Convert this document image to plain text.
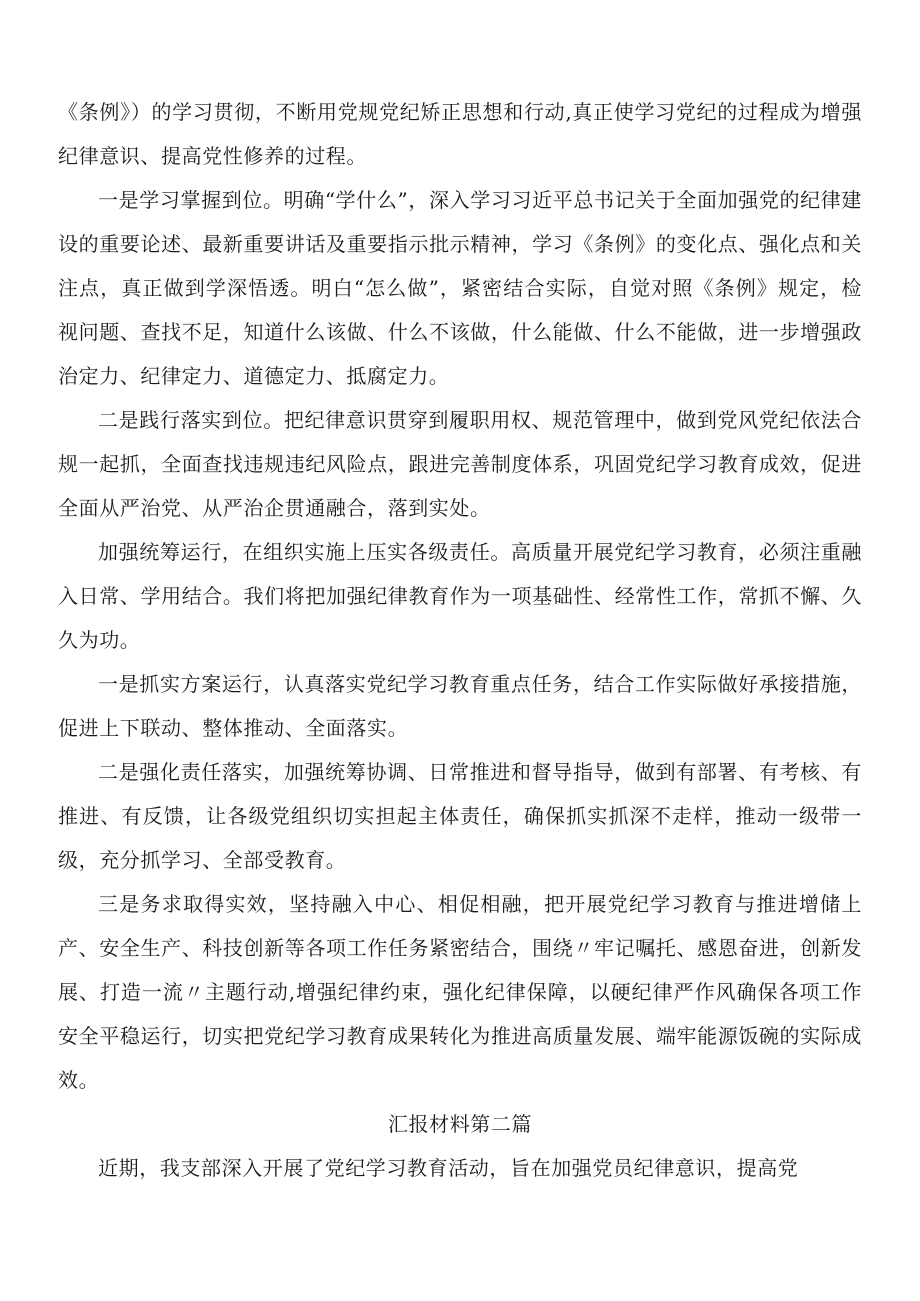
《条例》）的学习贯彻，不断用党规党纪矫正思想和行动,真正使学习党纪的过程成为增强纪律意识、提高党性修养的过程。

一是学习掌握到位。明确“学什么”，深入学习习近平总书记关于全面加强党的纪律建设的重要论述、最新重要讲话及重要指示批示精神，学习《条例》的变化点、强化点和关注点，真正做到学深悟透。明白“怎么做”，紧密结合实际，自觉对照《条例》规定，检视问题、查找不足，知道什么该做、什么不该做，什么能做、什么不能做，进一步增强政治定力、纪律定力、道德定力、抵腐定力。

二是践行落实到位。把纪律意识贯穿到履职用权、规范管理中，做到党风党纪依法合规一起抓，全面查找违规违纪风险点，跟进完善制度体系，巩固党纪学习教育成效，促进全面从严治党、从严治企贯通融合，落到实处。

加强统筹运行，在组织实施上压实各级责任。高质量开展党纪学习教育，必须注重融入日常、学用结合。我们将把加强纪律教育作为一项基础性、经常性工作，常抓不懈、久久为功。

一是抓实方案运行，认真落实党纪学习教育重点任务，结合工作实际做好承接措施，促进上下联动、整体推动、全面落实。

二是强化责任落实，加强统筹协调、日常推进和督导指导，做到有部署、有考核、有推进、有反馈，让各级党组织切实担起主体责任，确保抓实抓深不走样，推动一级带一级，充分抓学习、全部受教育。

三是务求取得实效，坚持融入中心、相促相融，把开展党纪学习教育与推进增储上产、安全生产、科技创新等各项工作任务紧密结合，围绕〃牢记嘱托、感恩奋进，创新发展、打造一流〃主题行动,增强纪律约束，强化纪律保障，以硬纪律严作风确保各项工作安全平稳运行，切实把党纪学习教育成果转化为推进高质量发展、端牢能源饭碗的实际成效。

汇报材料第二篇

近期，我支部深入开展了党纪学习教育活动，旨在加强党员纪律意识，提高党
